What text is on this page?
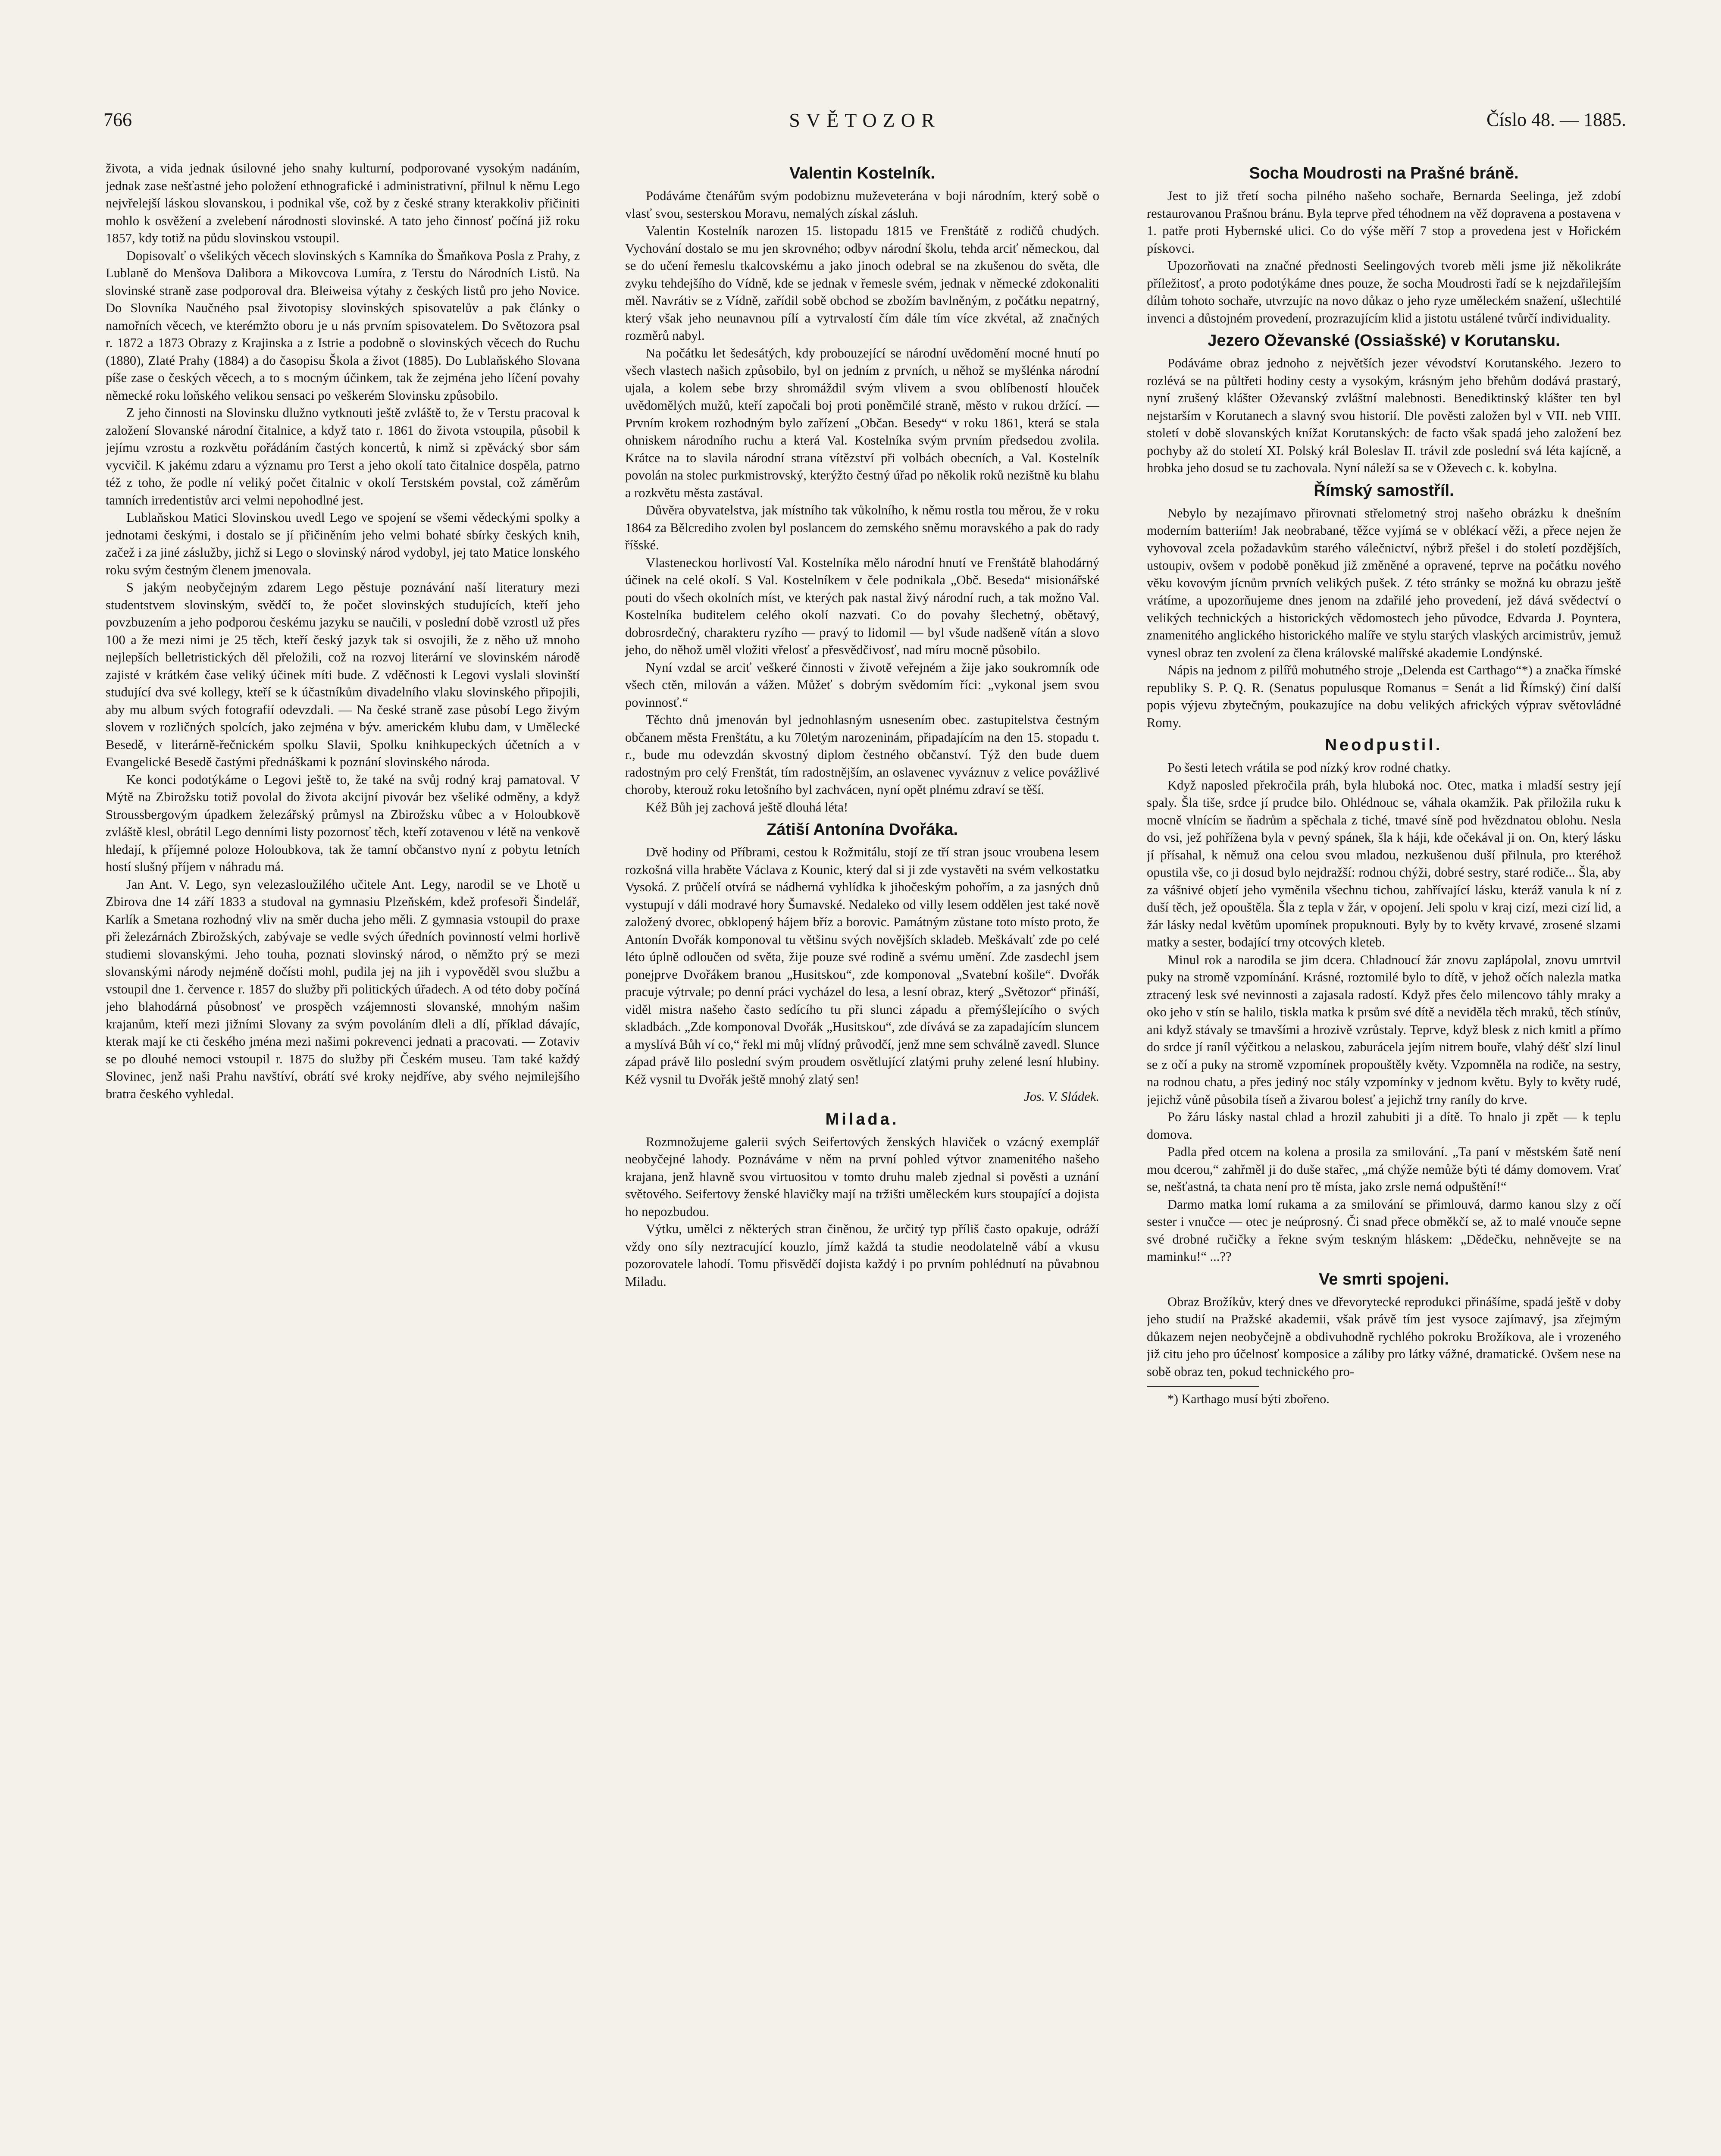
766	SVĚTOZOR	Číslo 48. — 1885.

života, a vida jednak úsilovné jeho snahy kulturní, podporované vysokým nadáním, jednak zase nešťastné jeho položení ethnografické i administrativní, přilnul k němu Lego nejvřelejší láskou slovanskou, i podnikal vše, což by z české strany kterakkoliv přičiniti mohlo k osvěžení a zvelebení národnosti slovinské. A tato jeho činnosť počíná již roku 1857, kdy totiž na půdu slovinskou vstoupil.

Dopisovalť o všelikých věcech slovinských s Kamníka do Šmaňkova Posla z Prahy, z Lublaně do Menšova Dalibora a Mikovcova Lumíra, z Terstu do Národních Listů. Na slovinské straně zase podporoval dra. Bleiweisa výtahy z českých listů pro jeho Novice. Do Slovníka Naučného psal životopisy slovinských spisovatelův a pak články o namořních věcech, ve kterémžto oboru je u nás prvním spisovatelem. Do Světozora psal r. 1872 a 1873 Obrazy z Krajinska a z Istrie a podobně o slovinských věcech do Ruchu (1880), Zlaté Prahy (1884) a do časopisu Škola a život (1885). Do Lublaňského Slovana píše zase o českých věcech, a to s mocným účinkem, tak že zejména jeho líčení povahy německé roku loňského velikou sensaci po veškerém Slovinsku způsobilo.

Z jeho činnosti na Slovinsku dlužno vytknouti ještě zvláště to, že v Terstu pracoval k založení Slovanské národní čitalnice, a když tato r. 1861 do života vstoupila, působil k jejímu vzrostu a rozkvětu pořádáním častých koncertů, k nimž si zpěvácký sbor sám vycvičil. K jakému zdaru a významu pro Terst a jeho okolí tato čitalnice dospěla, patrno též z toho, že podle ní veliký počet čitalnic v okolí Terstském povstal, což záměrům tamních irredentistův arci velmi nepohodlné jest.

Lublaňskou Matici Slovinskou uvedl Lego ve spojení se všemi vědeckými spolky a jednotami českými, i dostalo se jí přičiněním jeho velmi bohaté sbírky českých knih, začež i za jiné záslužby, jichž si Lego o slovinský národ vydobyl, jej tato Matice lonského roku svým čestným členem jmenovala.

S jakým neobyčejným zdarem Lego pěstuje poznávání naší literatury mezi studentstvem slovinským, svědčí to, že počet slovinských studujících, kteří jeho povzbuzením a jeho podporou českému jazyku se naučili, v poslední době vzrostl už přes 100 a že mezi nimi je 25 těch, kteří český jazyk tak si osvojili, že z něho už mnoho nejlepších belletristických děl přeložili, což na rozvoj literární ve slovinském národě zajisté v krátkém čase veliký účinek míti bude. Z vděčnosti k Legovi vyslali slovinští studující dva své kollegy, kteří se k účastníkům divadelního vlaku slovinského připojili, aby mu album svých fotografií odevzdali. — Na české straně zase působí Lego živým slovem v rozličných spolcích, jako zejména v býv. americkém klubu dam, v Umělecké Besedě, v literárně-řečnickém spolku Slavii, Spolku knihkupeckých účetních a v Evangelické Besedě častými přednáškami k poznání slovinského národa.

Ke konci podotýkáme o Legovi ještě to, že také na svůj rodný kraj pamatoval. V Mýtě na Zbirožsku totiž povolal do života akcijní pivovár bez všeliké odměny, a když Stroussbergovým úpadkem železářský průmysl na Zbirožsku vůbec a v Holoubkově zvláště klesl, obrátil Lego denními listy pozornosť těch, kteří zotavenou v létě na venkově hledají, k příjemné poloze Holoubkova, tak že tamní občanstvo nyní z pobytu letních hostí slušný příjem v náhradu má.

Jan Ant. V. Lego, syn velezasloužilého učitele Ant. Legy, narodil se ve Lhotě u Zbirova dne 14 září 1833 a studoval na gymnasiu Plzeňském, kdež profesoři Šindelář, Karlík a Smetana rozhodný vliv na směr ducha jeho měli. Z gymnasia vstoupil do praxe při železárnách Zbirožských, zabývaje se vedle svých úředních povinností velmi horlivě studiemi slovanskými. Jeho touha, poznati slovinský národ, o němžto prý se mezi slovanskými národy nejméně dočísti mohl, pudila jej na jih i vypověděl svou službu a vstoupil dne 1. července r. 1857 do služby při politických úřadech. A od této doby počíná jeho blahodárná působnosť ve prospěch vzájemnosti slovanské, mnohým našim krajanům, kteří mezi jižními Slovany za svým povoláním dleli a dlí, příklad dávajíc, kterak mají ke cti českého jména mezi našimi pokrevenci jednati a pracovati. — Zotaviv se po dlouhé nemoci vstoupil r. 1875 do služby při Českém museu. Tam také každý Slovinec, jenž naši Prahu navštíví, obrátí své kroky nejdříve, aby svého nejmilejšího bratra českého vyhledal.

Valentin Kostelník.

Podáváme čtenářům svým podobiznu muževeterána v boji národním, který sobě o vlasť svou, sesterskou Moravu, nemalých získal zásluh.

Valentin Kostelník narozen 15. listopadu 1815 ve Frenštátě z rodičů chudých. Vychování dostalo se mu jen skrovného; odbyv národní školu, tehda arciť německou, dal se do učení řemeslu tkalcovskému a jako jinoch odebral se na zkušenou do světa, dle zvyku tehdejšího do Vídně, kde se jednak v řemesle svém, jednak v německé zdokonaliti měl. Navrátiv se z Vídně, zařídil sobě obchod se zbožím bavlněným, z počátku nepatrný, který však jeho neunavnou pílí a vytrvalostí čím dále tím více zkvétal, až značných rozměrů nabyl.

Na počátku let šedesátých, kdy probouzející se národní uvědomění mocné hnutí po všech vlastech našich způsobilo, byl on jedním z prvních, u něhož se myšlénka národní ujala, a kolem sebe brzy shromáždil svým vlivem a svou oblíbeností hlouček uvědomělých mužů, kteří započali boj proti poněmčilé straně, město v rukou držící. — Prvním krokem rozhodným bylo zařízení „Občan. Besedy“ v roku 1861, která se stala ohniskem národního ruchu a která Val. Kostelníka svým prvním předsedou zvolila. Krátce na to slavila národní strana vítězství při volbách obecních, a Val. Kostelník povolán na stolec purkmistrovský, kterýžto čestný úřad po několik roků nezištně ku blahu a rozkvětu města zastával.

Důvěra obyvatelstva, jak místního tak vůkolního, k němu rostla tou měrou, že v roku 1864 za Bělcrediho zvolen byl poslancem do zemského sněmu moravského a pak do rady říšské.

Vlasteneckou horlivostí Val. Kostelníka mělo národní hnutí ve Frenštátě blahodárný účinek na celé okolí. S Val. Kostelníkem v čele podnikala „Obč. Beseda“ misionářské pouti do všech okolních míst, ve kterých pak nastal živý národní ruch, a tak možno Val. Kostelníka buditelem celého okolí nazvati. Co do povahy šlechetný, obětavý, dobrosrdečný, charakteru ryzího — pravý to lidomil — byl všude nadšeně vítán a slovo jeho, do něhož uměl vložiti vřelosť a přesvědčivosť, nad míru mocně působilo.

Nyní vzdal se arciť veškeré činnosti v životě veřejném a žije jako soukromník ode všech ctěn, milován a vážen. Můžeť s dobrým svědomím říci: „vykonal jsem svou povinnosť.“

Těchto dnů jmenován byl jednohlasným usnesením obec. zastupitelstva čestným občanem města Frenštátu, a ku 70letým narozeninám, připadajícím na den 15. stopadu t. r., bude mu odevzdán skvostný diplom čestného občanství. Týž den bude duem radostným pro celý Frenštát, tím radostnějším, an oslavenec vyváznuv z velice povážlivé choroby, kterouž roku letošního byl zachvácen, nyní opět plnému zdraví se těší.

Kéž Bůh jej zachová ještě dlouhá léta!

Zátiší Antonína Dvořáka.

Dvě hodiny od Příbrami, cestou k Rožmitálu, stojí ze tří stran jsouc vroubena lesem rozkošná villa hraběte Václava z Kounic, který dal si ji zde vystavěti na svém velkostatku Vysoká. Z průčelí otvírá se nádherná vyhlídka k jihočeským pohořím, a za jasných dnů vystupují v dáli modravé hory Šumavské. Nedaleko od villy lesem oddělen jest také nově založený dvorec, obklopený hájem bříz a borovic. Památným zůstane toto místo proto, že Antonín Dvořák komponoval tu většinu svých novějších skladeb. Meškávalť zde po celé léto úplně odloučen od světa, žije pouze své rodině a svému umění. Zde zasdechl jsem ponejprve Dvořákem branou „Husitskou“, zde komponoval „Svatební košile“. Dvořák pracuje výtrvale; po denní práci vycházel do lesa, a lesní obraz, který „Světozor“ přináší, viděl mistra našeho často sedícího tu při slunci západu a přemýšlejícího o svých skladbách. „Zde komponoval Dvořák „Husitskou“, zde dívává se za zapadajícím sluncem a myslívá Bůh ví co,“ řekl mi můj vlídný průvodčí, jenž mne sem schválně zavedl. Slunce západ právě lilo poslední svým proudem osvětlující zlatými pruhy zelené lesní hlubiny. Kéž vysnil tu Dvořák ještě mnohý zlatý sen!

Jos. V. Sládek.

Milada.

Rozmnožujeme galerii svých Seifertových ženských hlaviček o vzácný exemplář neobyčejné lahody. Poznáváme v něm na první pohled výtvor znamenitého našeho krajana, jenž hlavně svou virtuositou v tomto druhu maleb zjednal si pověsti a uznání světového. Seifertovy ženské hlavičky mají na tržišti uměleckém kurs stoupající a dojista ho nepozbudou.

Výtku, umělci z některých stran činěnou, že určitý typ příliš často opakuje, odráží vždy ono síly neztracující kouzlo, jímž každá ta studie neodolatelně vábí a vkusu pozorovatele lahodí. Tomu přisvědčí dojista každý i po prvním pohlédnutí na půvabnou Miladu.

Socha Moudrosti na Prašné bráně.

Jest to již třetí socha pilného našeho sochaře, Bernarda Seelinga, jež zdobí restaurovanou Prašnou bránu. Byla teprve před téhodnem na věž dopravena a postavena v 1. patře proti Hybernské ulici. Co do výše měří 7 stop a provedena jest v Hořickém pískovci.

Upozorňovati na značné přednosti Seelingových tvoreb měli jsme již několikráte příležitosť, a proto podotýkáme dnes pouze, že socha Moudrosti řadí se k nejzdařilejším dílům tohoto sochaře, utvrzujíc na novo důkaz o jeho ryze uměleckém snažení, ušlechtilé invenci a důstojném provedení, prozrazujícím klid a jistotu ustálené tvůrčí individuality.

Jezero Oževanské (Ossiašské) v Korutansku.

Podáváme obraz jednoho z největších jezer vévodství Korutanského. Jezero to rozlévá se na půltřeti hodiny cesty a vysokým, krásným jeho břehům dodává prastarý, nyní zrušený klášter Oževanský zvláštní malebnosti. Benediktinský klášter ten byl nejstarším v Korutanech a slavný svou historií. Dle pověsti založen byl v VII. neb VIII. století v době slovanských knížat Korutanských: de facto však spadá jeho založení bez pochyby až do století XI. Polský král Boleslav II. trávil zde poslední svá léta kajícně, a hrobka jeho dosud se tu zachovala. Nyní náleží sa se v Oževech c. k. kobylna.

Římský samostříl.

Nebylo by nezajímavo přirovnati střelometný stroj našeho obrázku k dnešním moderním batteriím! Jak neobrabané, těžce vyjímá se v oblékací věži, a přece nejen že vyhovoval zcela požadavkům starého válečnictví, nýbrž přešel i do století pozdějších, ustoupiv, ovšem v podobě poněkud již změněné a opravené, teprve na počátku nového věku kovovým jícnům prvních velikých pušek. Z této stránky se možná ku obrazu ještě vrátíme, a upozorňujeme dnes jenom na zdařilé jeho provedení, jež dává svědectví o velikých technických a historických vědomostech jeho původce, Edvarda J. Poyntera, znamenitého anglického historického malíře ve stylu starých vlaských arcimistrův, jemuž vynesl obraz ten zvolení za člena královské malířské akademie Londýnské.

Nápis na jednom z pilířů mohutného stroje „Delenda est Carthago“*) a značka římské republiky S. P. Q. R. (Senatus populusque Romanus = Senát a lid Římský) činí další popis výjevu zbytečným, poukazujíce na dobu velikých afrických výprav světovládné Romy.

Neodpustil.

Po šesti letech vrátila se pod nízký krov rodné chatky.

Když naposled překročila práh, byla hluboká noc. Otec, matka i mladší sestry její spaly. Šla tiše, srdce jí prudce bilo. Ohlédnouc se, váhala okamžik. Pak přiložila ruku k mocně vlnícím se ňadrům a spěchala z tiché, tmavé síně pod hvězdnatou oblohu. Nesla do vsi, jež pohřížena byla v pevný spánek, šla k háji, kde očekával ji on. On, který lásku jí přísahal, k němuž ona celou svou mladou, nezkušenou duší přilnula, pro kteréhož opustila vše, co ji dosud bylo nejdražší: rodnou chýži, dobré sestry, staré rodiče... Šla, aby za vášnivé objetí jeho vyměnila všechnu tichou, zahřívající lásku, kteráž vanula k ní z duší těch, jež opouštěla. Šla z tepla v žár, v opojení. Jeli spolu v kraj cizí, mezi cizí lid, a žár lásky nedal květům upomínek propuknouti. Byly by to květy krvavé, zrosené slzami matky a sester, bodající trny otcových kleteb.

Minul rok a narodila se jim dcera. Chladnoucí žár znovu zaplápolal, znovu umrtvil puky na stromě vzpomínání. Krásné, roztomilé bylo to dítě, v jehož očích nalezla matka ztracený lesk své nevinnosti a zajasala radostí. Když přes čelo milencovo táhly mraky a oko jeho v stín se halilo, tiskla matka k prsům své dítě a neviděla těch mraků, těch stínův, ani když stávaly se tmavšími a hrozivě vzrůstaly. Teprve, když blesk z nich kmitl a přímo do srdce jí raníl výčitkou a nelaskou, zaburácela jejím nitrem bouře, vlahý déšť slzí linul se z očí a puky na stromě vzpomínek propouštěly květy. Vzpomněla na rodiče, na sestry, na rodnou chatu, a přes jediný noc stály vzpomínky v jednom květu. Byly to květy rudé, jejichž vůně působila tíseň a živarou bolesť a jejichž trny raníly do krve.

Po žáru lásky nastal chlad a hrozil zahubiti ji a dítě. To hnalo ji zpět — k teplu domova.

Padla před otcem na kolena a prosila za smilování. „Ta paní v městském šatě není mou dcerou,“ zahřměl ji do duše stařec, „má chýže nemůže býti té dámy domovem. Vrať se, nešťastná, ta chata není pro tě místa, jako zrsle nemá odpuštění!“

Darmo matka lomí rukama a za smilování se přimlouvá, darmo kanou slzy z očí sester i vnučce — otec je neúprosný. Či snad přece obměkčí se, až to malé vnouče sepne své drobné ručičky a řekne svým teskným hláskem: „Dědečku, nehněvejte se na maminku!“ ...??

Ve smrti spojeni.

Obraz Brožíkův, který dnes ve dřevorytecké reprodukci přinášíme, spadá ještě v doby jeho studií na Pražské akademii, však právě tím jest vysoce zajímavý, jsa zřejmým důkazem nejen neobyčejně a obdivuhodně rychlého pokroku Brožíkova, ale i vrozeného již citu jeho pro účelnosť komposice a záliby pro látky vážné, dramatické. Ovšem nese na sobě obraz ten, pokud technického pro-

*) Karthago musí býti zbořeno.
